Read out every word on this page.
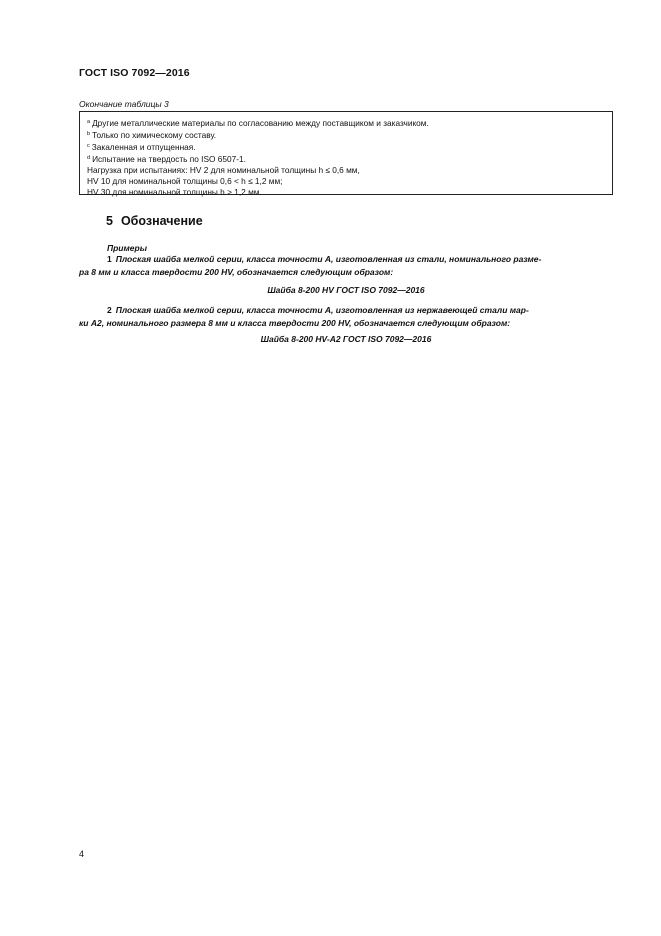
ГОСТ ISO 7092—2016
Окончание таблицы 3
$^a$ Другие металлические материалы по согласованию между поставщиком и заказчиком.
$^b$ Только по химическому составу.
$^c$ Закаленная и отпущенная.
$^d$ Испытание на твердость по ISO 6507-1.
Нагрузка при испытаниях: HV 2 для номинальной толщины h ≤ 0,6 мм,
HV 10 для номинальной толщины 0,6 < h ≤ 1,2 мм;
HV 30 для номинальной толщины h > 1,2 мм.
5 Обозначение
Примеры
1 Плоская шайба мелкой серии, класса точности А, изготовленная из стали, номинального разме-
ра 8 мм и класса твердости 200 HV, обозначается следующим образом:
Шайба 8-200 HV ГОСТ ISO 7092—2016
2 Плоская шайба мелкой серии, класса точности А, изготовленная из нержавеющей стали мар-
ки А2, номинального размера 8 мм и класса твердости 200 HV, обозначается следующим образом:
Шайба 8-200 HV-A2 ГОСТ ISO 7092—2016
4
